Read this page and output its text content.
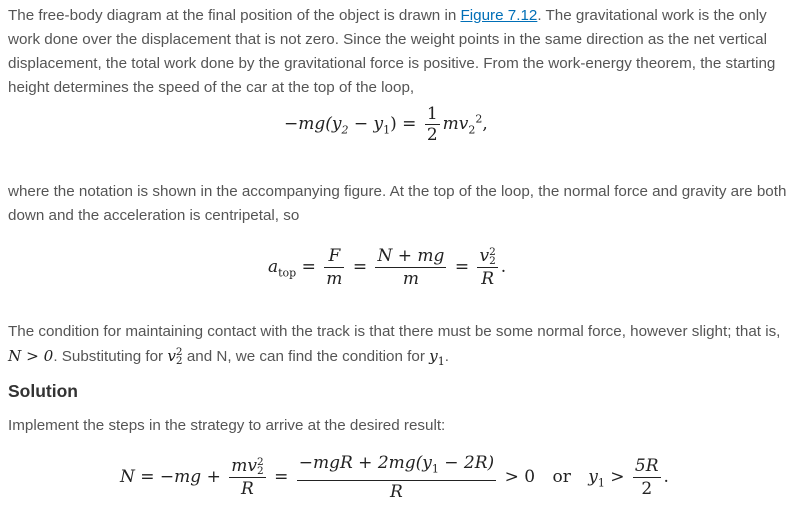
The free-body diagram at the final position of the object is drawn in Figure 7.12. The gravitational work is the only work done over the displacement that is not zero. Since the weight points in the same direction as the net vertical displacement, the total work done by the gravitational force is positive. From the work-energy theorem, the starting height determines the speed of the car at the top of the loop,

$-mg(y_2 - y_1) = \frac{1}{2} mv_2^2$,

where the notation is shown in the accompanying figure. At the top of the loop, the normal force and gravity are both down and the acceleration is centripetal, so

$a_{top} = \frac{F}{m} = \frac{N + mg}{m} = v$ 2
2
R .

The condition for maintaining contact with the track is that there must be some normal force, however slight; that is, N > 0. Substituting for v 2
2 and N, we can find the condition for $y_1$.

Solution

Implement the steps in the strategy to arrive at the desired result:

N = −mg + mv 2
2
$R = \frac{-mgR + 2mg(y_1 - 2R)}{R} > 0$ or $y_1 > \frac{5R}{2}$ .
